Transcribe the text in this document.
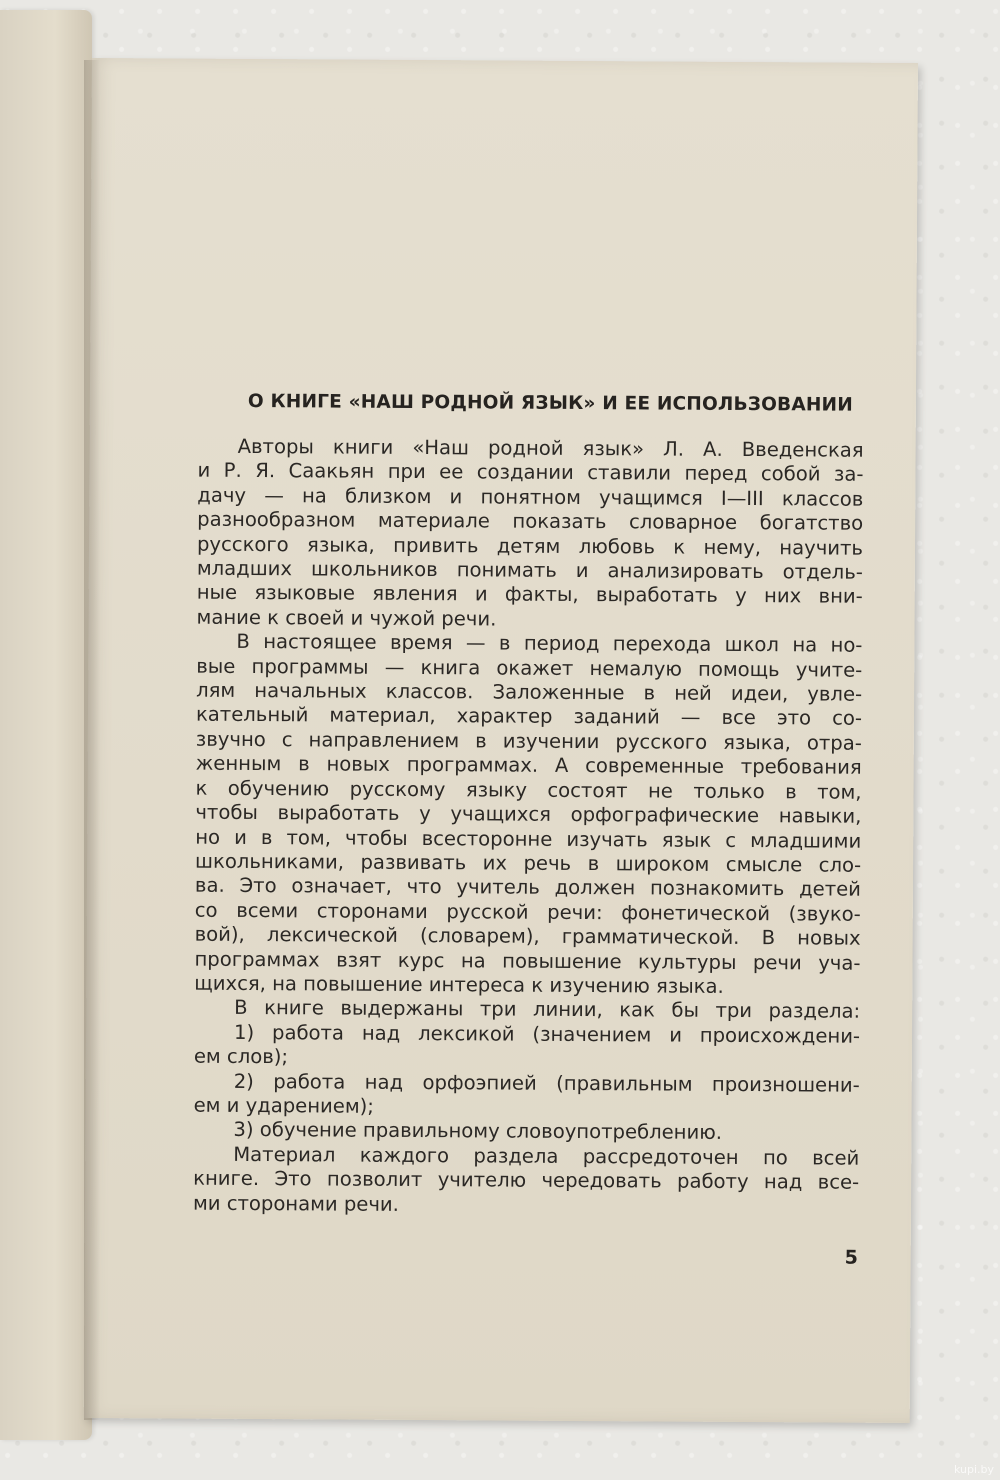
О КНИГЕ «НАШ РОДНОЙ ЯЗЫК» И ЕЕ ИСПОЛЬЗОВАНИИ
Авторы книги «Наш родной язык» Л. А. Введенская
и Р. Я. Саакьян при ее создании ставили перед собой за-
дачу — на близком и понятном учащимся I—III классов
разнообразном материале показать словарное богатство
русского языка, привить детям любовь к нему, научить
младших школьников понимать и анализировать отдель-
ные языковые явления и факты, выработать у них вни-
мание к своей и чужой речи.
В настоящее время — в период перехода школ на но-
вые программы — книга окажет немалую помощь учите-
лям начальных классов. Заложенные в ней идеи, увле-
кательный материал, характер заданий — все это со-
звучно с направлением в изучении русского языка, отра-
женным в новых программах. А современные требования
к обучению русскому языку состоят не только в том,
чтобы выработать у учащихся орфографические навыки,
но и в том, чтобы всесторонне изучать язык с младшими
школьниками, развивать их речь в широком смысле сло-
ва. Это означает, что учитель должен познакомить детей
со всеми сторонами русской речи: фонетической (звуко-
вой), лексической (словарем), грамматической. В новых
программах взят курс на повышение культуры речи уча-
щихся, на повышение интереса к изучению языка.
В книге выдержаны три линии, как бы три раздела:
1) работа над лексикой (значением и происхождени-
ем слов);
2) работа над орфоэпией (правильным произношени-
ем и ударением);
3) обучение правильному словоупотреблению.
Материал каждого раздела рассредоточен по всей
книге. Это позволит учителю чередовать работу над все-
ми сторонами речи.
5
kupi.by
